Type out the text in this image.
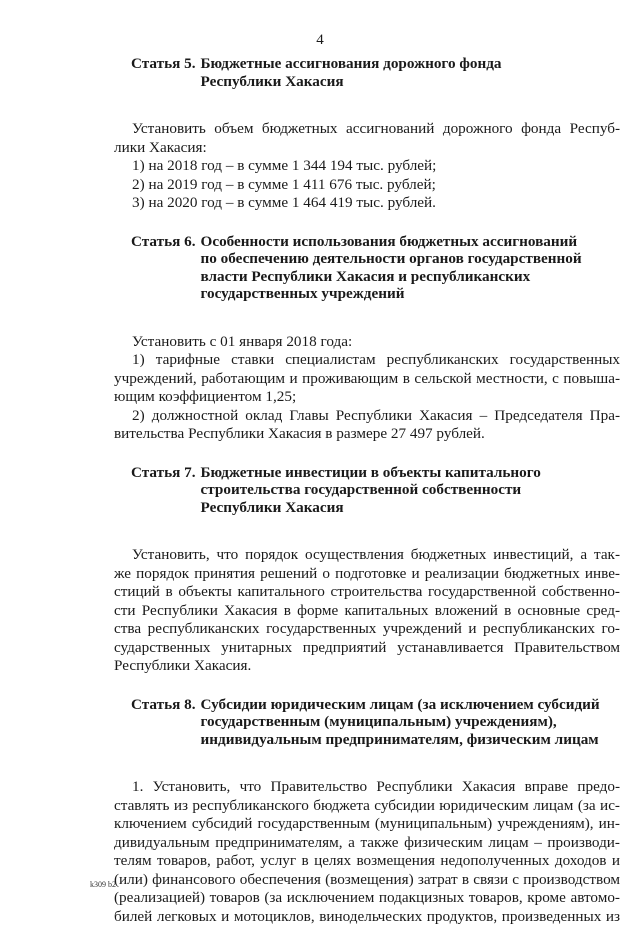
4
Статья 5. Бюджетные ассигнования дорожного фонда
Республики Хакасия
Установить объем бюджетных ассигнований дорожного фонда Респуб-
лики Хакасия:
1) на 2018 год – в сумме 1 344 194 тыс. рублей;
2) на 2019 год – в сумме 1 411 676 тыс. рублей;
3) на 2020 год – в сумме 1 464 419 тыс. рублей.
Статья 6. Особенности использования бюджетных ассигнований
по обеспечению деятельности органов государственной
власти Республики Хакасия и республиканских
государственных учреждений
Установить с 01 января 2018 года:
1) тарифные ставки специалистам республиканских государственных
учреждений, работающим и проживающим в сельской местности, с повыша-
ющим коэффициентом 1,25;
2) должностной оклад Главы Республики Хакасия – Председателя Пра-
вительства Республики Хакасия в размере 27 497 рублей.
Статья 7. Бюджетные инвестиции в объекты капитального
строительства государственной собственности
Республики Хакасия
Установить, что порядок осуществления бюджетных инвестиций, а так-
же порядок принятия решений о подготовке и реализации бюджетных инве-
стиций в объекты капитального строительства государственной собственно-
сти Республики Хакасия в форме капитальных вложений в основные сред-
ства республиканских государственных учреждений и республиканских го-
сударственных унитарных предприятий устанавливается Правительством
Республики Хакасия.
Статья 8. Субсидии юридическим лицам (за исключением субсидий
государственным (муниципальным) учреждениям),
индивидуальным предпринимателям, физическим лицам
1. Установить, что Правительство Республики Хакасия вправе предо-
ставлять из республиканского бюджета субсидии юридическим лицам (за ис-
ключением субсидий государственным (муниципальным) учреждениям), ин-
дивидуальным предпринимателям, а также физическим лицам – производи-
телям товаров, работ, услуг в целях возмещения недополученных доходов и
(или) финансового обеспечения (возмещения) затрат в связи с производством
(реализацией) товаров (за исключением подакцизных товаров, кроме автомо-
билей легковых и мотоциклов, винодельческих продуктов, произведенных из
k309 b2
